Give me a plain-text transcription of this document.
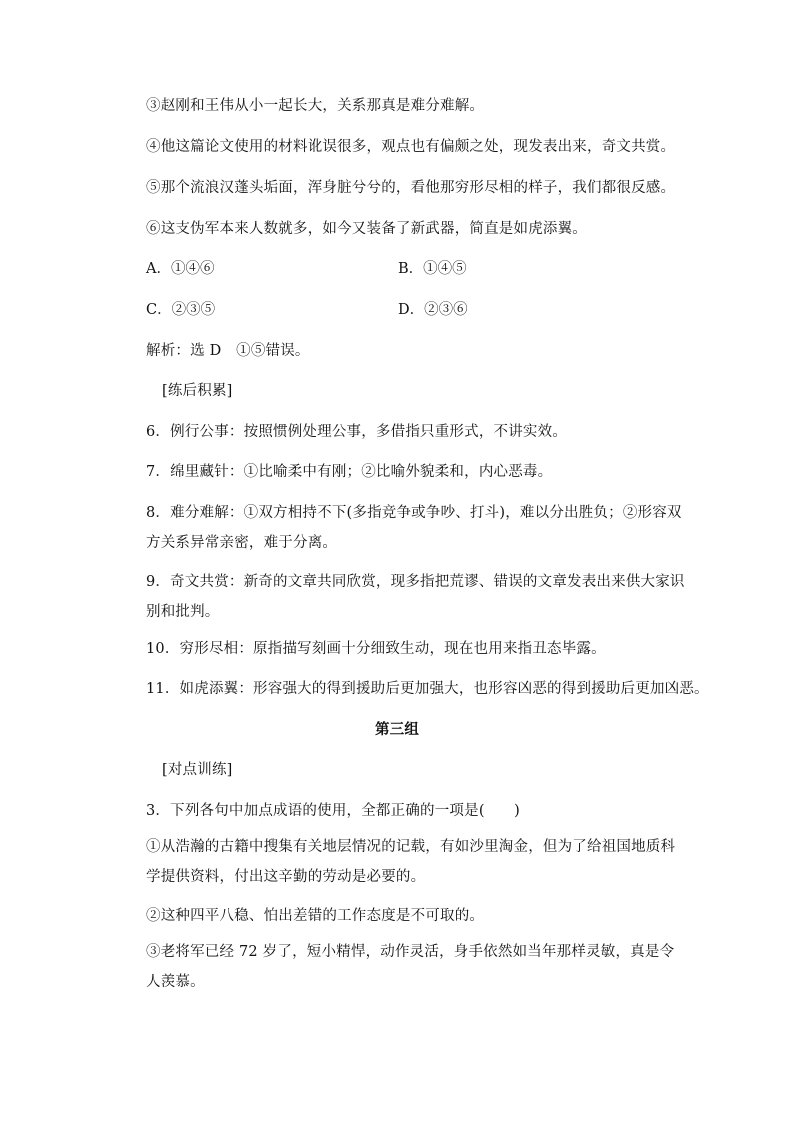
③赵刚和王伟从小一起长大，关系那真是难分难解。
④他这篇论文使用的材料讹误很多，观点也有偏颇之处，现发表出来，奇文共赏。
⑤那个流浪汉蓬头垢面，浑身脏兮兮的，看他那穷形尽相的样子，我们都很反感。
⑥这支伪军本来人数就多，如今又装备了新武器，简直是如虎添翼。
A．①④⑥	B．①④⑤
C．②③⑤	D．②③⑥
解析：选 D　①⑤错误。
[练后积累]
6．例行公事：按照惯例处理公事，多借指只重形式，不讲实效。
7．绵里藏针：①比喻柔中有刚；②比喻外貌柔和，内心恶毒。
8．难分难解：①双方相持不下(多指竞争或争吵、打斗)，难以分出胜负；②形容双方关系异常亲密，难于分离。
9．奇文共赏：新奇的文章共同欣赏，现多指把荒谬、错误的文章发表出来供大家识别和批判。
10．穷形尽相：原指描写刻画十分细致生动，现在也用来指丑态毕露。
11．如虎添翼：形容强大的得到援助后更加强大，也形容凶恶的得到援助后更加凶恶。
第三组
[对点训练]
3．下列各句中加点成语的使用，全都正确的一项是(　　)
①从浩瀚的古籍中搜集有关地层情况的记载，有如沙里淘金，但为了给祖国地质科学提供资料，付出这辛勤的劳动是必要的。
②这种四平八稳、怕出差错的工作态度是不可取的。
③老将军已经 72 岁了，短小精悍，动作灵活，身手依然如当年那样灵敏，真是令人羡慕。
